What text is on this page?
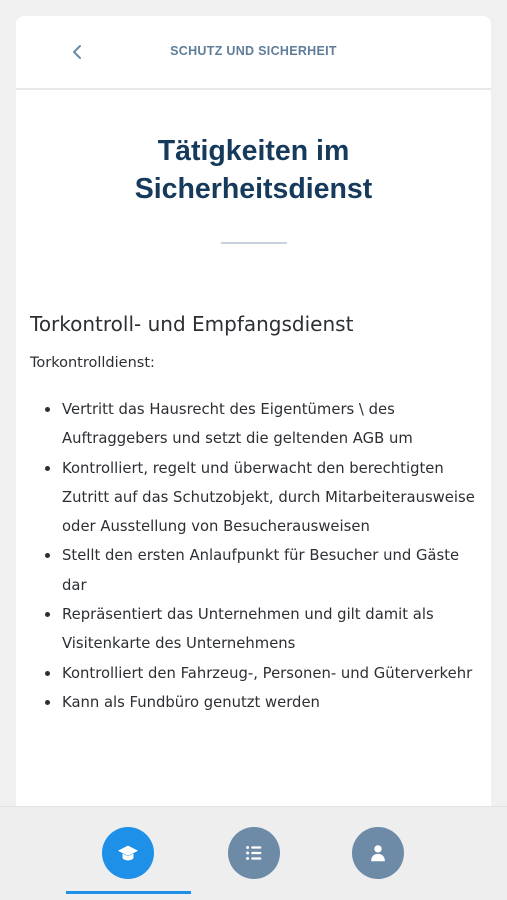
SCHUTZ UND SICHERHEIT
Tätigkeiten im
Sicherheitsdienst
Torkontroll- und Empfangsdienst

Torkontrolldienst:

Vertritt das Hausrecht des Eigentümers \ des Auftraggebers und setzt die geltenden AGB um
Kontrolliert, regelt und überwacht den berechtigten Zutritt auf das Schutzobjekt, durch Mitarbeiterausweise oder Ausstellung von Besucherausweisen
Stellt den ersten Anlaufpunkt für Besucher und Gäste dar
Repräsentiert das Unternehmen und gilt damit als Visitenkarte des Unternehmens
Kontrolliert den Fahrzeug-, Personen- und Güterverkehr
Kann als Fundbüro genutzt werden
